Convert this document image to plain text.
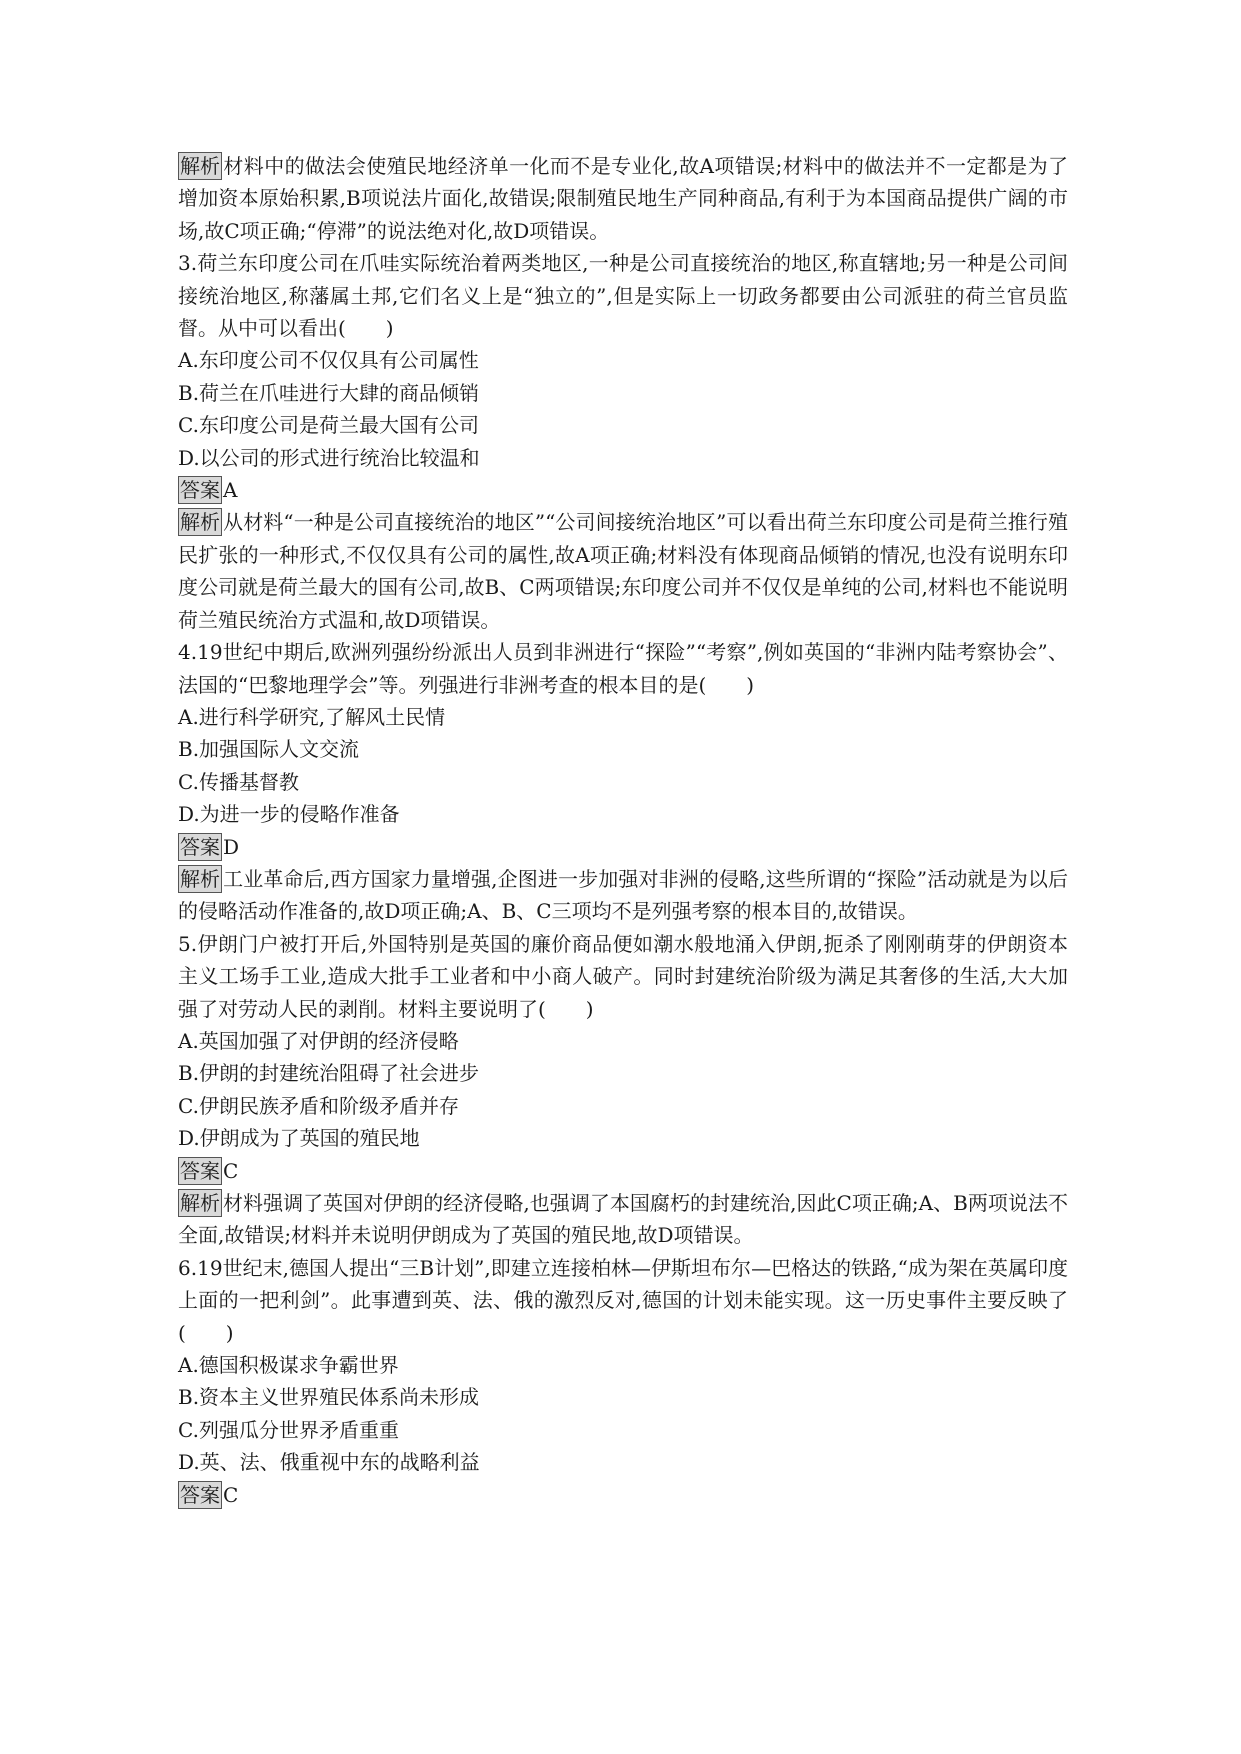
解析 材料中的做法会使殖民地经济单一化而不是专业化,故A项错误;材料中的做法并不一定都是为了增加资本原始积累,B项说法片面化,故错误;限制殖民地生产同种商品,有利于为本国商品提供广阔的市场,故C项正确;“停滞”的说法绝对化,故D项错误。

3.荷兰东印度公司在爪哇实际统治着两类地区,一种是公司直接统治的地区,称直辖地;另一种是公司间接统治地区,称藩属土邦,它们名义上是“独立的”,但是实际上一切政务都要由公司派驻的荷兰官员监督。从中可以看出(　　)

A.东印度公司不仅仅具有公司属性

B.荷兰在爪哇进行大肆的商品倾销

C.东印度公司是荷兰最大国有公司

D.以公司的形式进行统治比较温和

答案 A

解析 从材料“一种是公司直接统治的地区”“公司间接统治地区”可以看出荷兰东印度公司是荷兰推行殖民扩张的一种形式,不仅仅具有公司的属性,故A项正确;材料没有体现商品倾销的情况,也没有说明东印度公司就是荷兰最大的国有公司,故B、C两项错误;东印度公司并不仅仅是单纯的公司,材料也不能说明荷兰殖民统治方式温和,故D项错误。

4.19世纪中期后,欧洲列强纷纷派出人员到非洲进行“探险”“考察”,例如英国的“非洲内陆考察协会”、法国的“巴黎地理学会”等。列强进行非洲考查的根本目的是(　　)

A.进行科学研究,了解风土民情

B.加强国际人文交流

C.传播基督教

D.为进一步的侵略作准备

答案 D

解析 工业革命后,西方国家力量增强,企图进一步加强对非洲的侵略,这些所谓的“探险”活动就是为以后的侵略活动作准备的,故D项正确;A、B、C三项均不是列强考察的根本目的,故错误。

5.伊朗门户被打开后,外国特别是英国的廉价商品便如潮水般地涌入伊朗,扼杀了刚刚萌芽的伊朗资本主义工场手工业,造成大批手工业者和中小商人破产。同时封建统治阶级为满足其奢侈的生活,大大加强了对劳动人民的剥削。材料主要说明了(　　)

A.英国加强了对伊朗的经济侵略

B.伊朗的封建统治阻碍了社会进步

C.伊朗民族矛盾和阶级矛盾并存

D.伊朗成为了英国的殖民地

答案 C

解析 材料强调了英国对伊朗的经济侵略,也强调了本国腐朽的封建统治,因此C项正确;A、B两项说法不全面,故错误;材料并未说明伊朗成为了英国的殖民地,故D项错误。

6.19世纪末,德国人提出“三B计划”,即建立连接柏林—伊斯坦布尔—巴格达的铁路,“成为架在英属印度上面的一把利剑”。此事遭到英、法、俄的激烈反对,德国的计划未能实现。这一历史事件主要反映了(　　)

A.德国积极谋求争霸世界

B.资本主义世界殖民体系尚未形成

C.列强瓜分世界矛盾重重

D.英、法、俄重视中东的战略利益

答案 C
